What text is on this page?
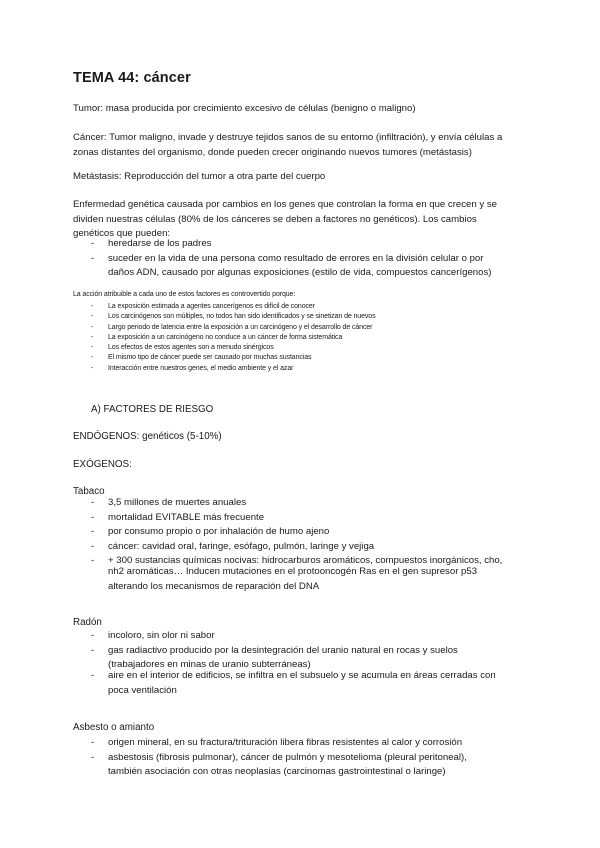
TEMA 44: cáncer

Tumor: masa producida por crecimiento excesivo de células (benigno o maligno)

Cáncer: Tumor maligno, invade y destruye tejidos sanos de su entorno (infiltración), y envía células a

zonas distantes del organismo, donde pueden crecer originando nuevos tumores (metástasis)

Metástasis: Reproducción del tumor a otra parte del cuerpo

Enfermedad genética causada por cambios en los genes que controlan la forma en que crecen y se

dividen nuestras células (80% de los cánceres se deben a factores no genéticos). Los cambios

genéticos que pueden:

- heredarse de los padres
- suceder en la vida de una persona como resultado de errores en la división celular o por

daños ADN, causado por algunas exposiciones (estilo de vida, compuestos cancerígenos)

La acción atribuible a cada uno de estos factores es controvertido porque:

- La exposición estimada a agentes cancerígenos es difícil de conocer
- Los carcinógenos son múltiples, no todos han sido identificados y se sinetizan de nuevos
- Largo periodo de latencia entre la exposición a un carcinógeno y el desarrollo de cáncer
- La exposición a un carcinógeno no conduce a un cáncer de forma sistemática
- Los efectos de estos agentes son a menudo sinérgicos
- El mismo tipo de cáncer puede ser causado por muchas sustancias
- Interacción entre nuestros genes, el medio ambiente y el azar

A) FACTORES DE RIESGO

ENDÓGENOS: genéticos (5-10%)

EXÓGENOS:

Tabaco

- 3,5 millones de muertes anuales
- mortalidad EVITABLE más frecuente
- por consumo propio o por inhalación de humo ajeno
- cáncer: cavidad oral, faringe, esófago, pulmón, laringe y vejiga
- + 300 sustancias químicas nocivas: hidrocarburos aromáticos, compuestos inorgánicos, cho,

nh2 aromáticas… Inducen mutaciones en el protooncogén Ras en el gen supresor p53

alterando los mecanismos de reparación del DNA

Radón

- incoloro, sin olor ni sabor
- gas radiactivo producido por la desintegración del uranio natural en rocas y suelos

(trabajadores en minas de uranio subterráneas)

- aire en el interior de edificios, se infiltra en el subsuelo y se acumula en áreas cerradas con

poca ventilación

Asbesto o amianto

- origen mineral, en su fractura/trituración libera fibras resistentes al calor y corrosión
- asbestosis (fibrosis pulmonar), cáncer de pulmón y mesotelioma (pleural peritoneal),

también asociación con otras neoplasias (carcinomas gastrointestinal o laringe)
